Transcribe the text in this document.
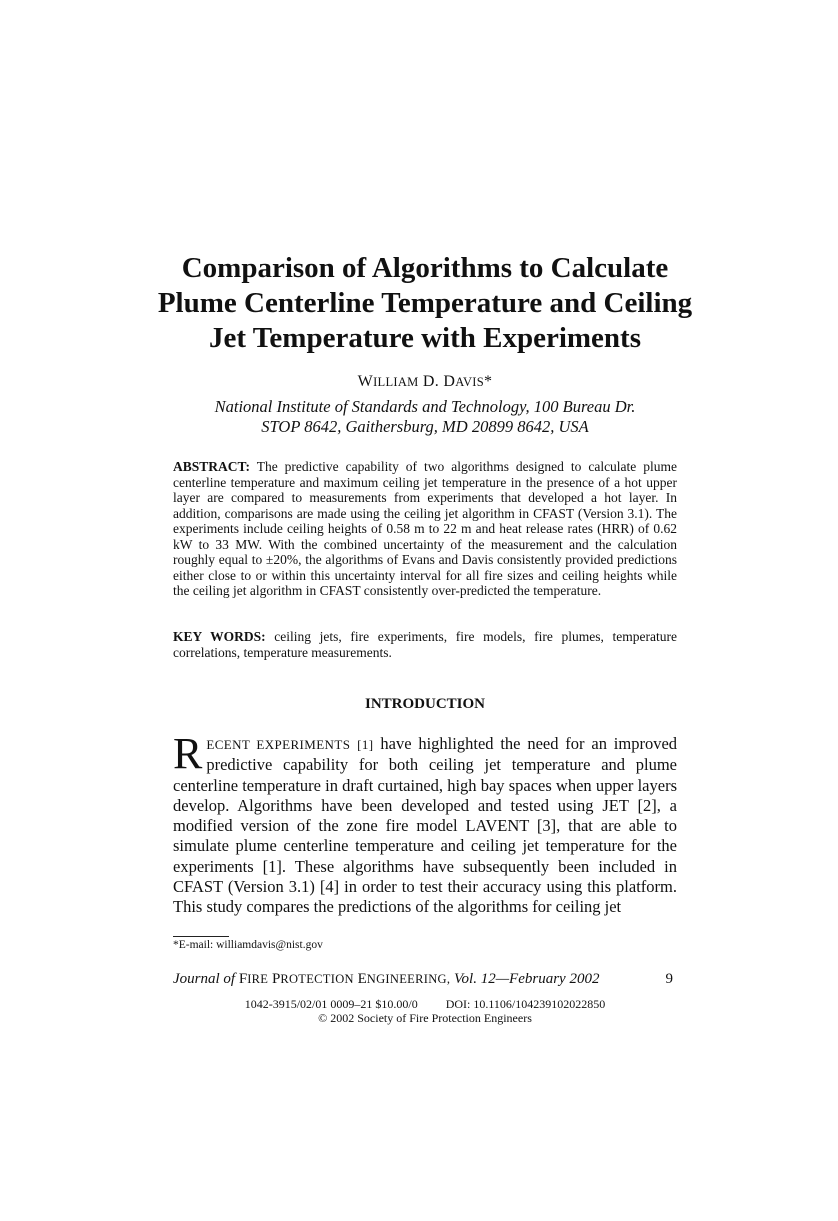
Comparison of Algorithms to Calculate
Plume Centerline Temperature and Ceiling
Jet Temperature with Experiments
WILLIAM D. DAVIS*
National Institute of Standards and Technology, 100 Bureau Dr.
STOP 8642, Gaithersburg, MD 20899 8642, USA

ABSTRACT: The predictive capability of two algorithms designed to calculate plume centerline temperature and maximum ceiling jet temperature in the presence of a hot upper layer are compared to measurements from experiments that developed a hot layer. In addition, comparisons are made using the ceiling jet algorithm in CFAST (Version 3.1). The experiments include ceiling heights of 0.58 m to 22 m and heat release rates (HRR) of 0.62 kW to 33 MW. With the combined uncertainty of the measurement and the calculation roughly equal to ±20%, the algorithms of Evans and Davis consistently provided predictions either close to or within this uncertainty interval for all fire sizes and ceiling heights while the ceiling jet algorithm in CFAST consistently over-predicted the temperature.

KEY WORDS: ceiling jets, fire experiments, fire models, fire plumes, temperature correlations, temperature measurements.

INTRODUCTION

RECENT EXPERIMENTS [1] have highlighted the need for an improved predictive capability for both ceiling jet temperature and plume centerline temperature in draft curtained, high bay spaces when upper layers develop. Algorithms have been developed and tested using JET [2], a modified version of the zone fire model LAVENT [3], that are able to simulate plume centerline temperature and ceiling jet temperature for the experiments [1]. These algorithms have subsequently been included in CFAST (Version 3.1) [4] in order to test their accuracy using this platform. This study compares the predictions of the algorithms for ceiling jet

*E-mail: williamdavis@nist.gov
Journal of FIRE PROTECTION ENGINEERING, Vol. 12—February 2002	9
1042-3915/02/01 0009–21 $10.00/0 DOI: 10.1106/104239102022850
© 2002 Society of Fire Protection Engineers
